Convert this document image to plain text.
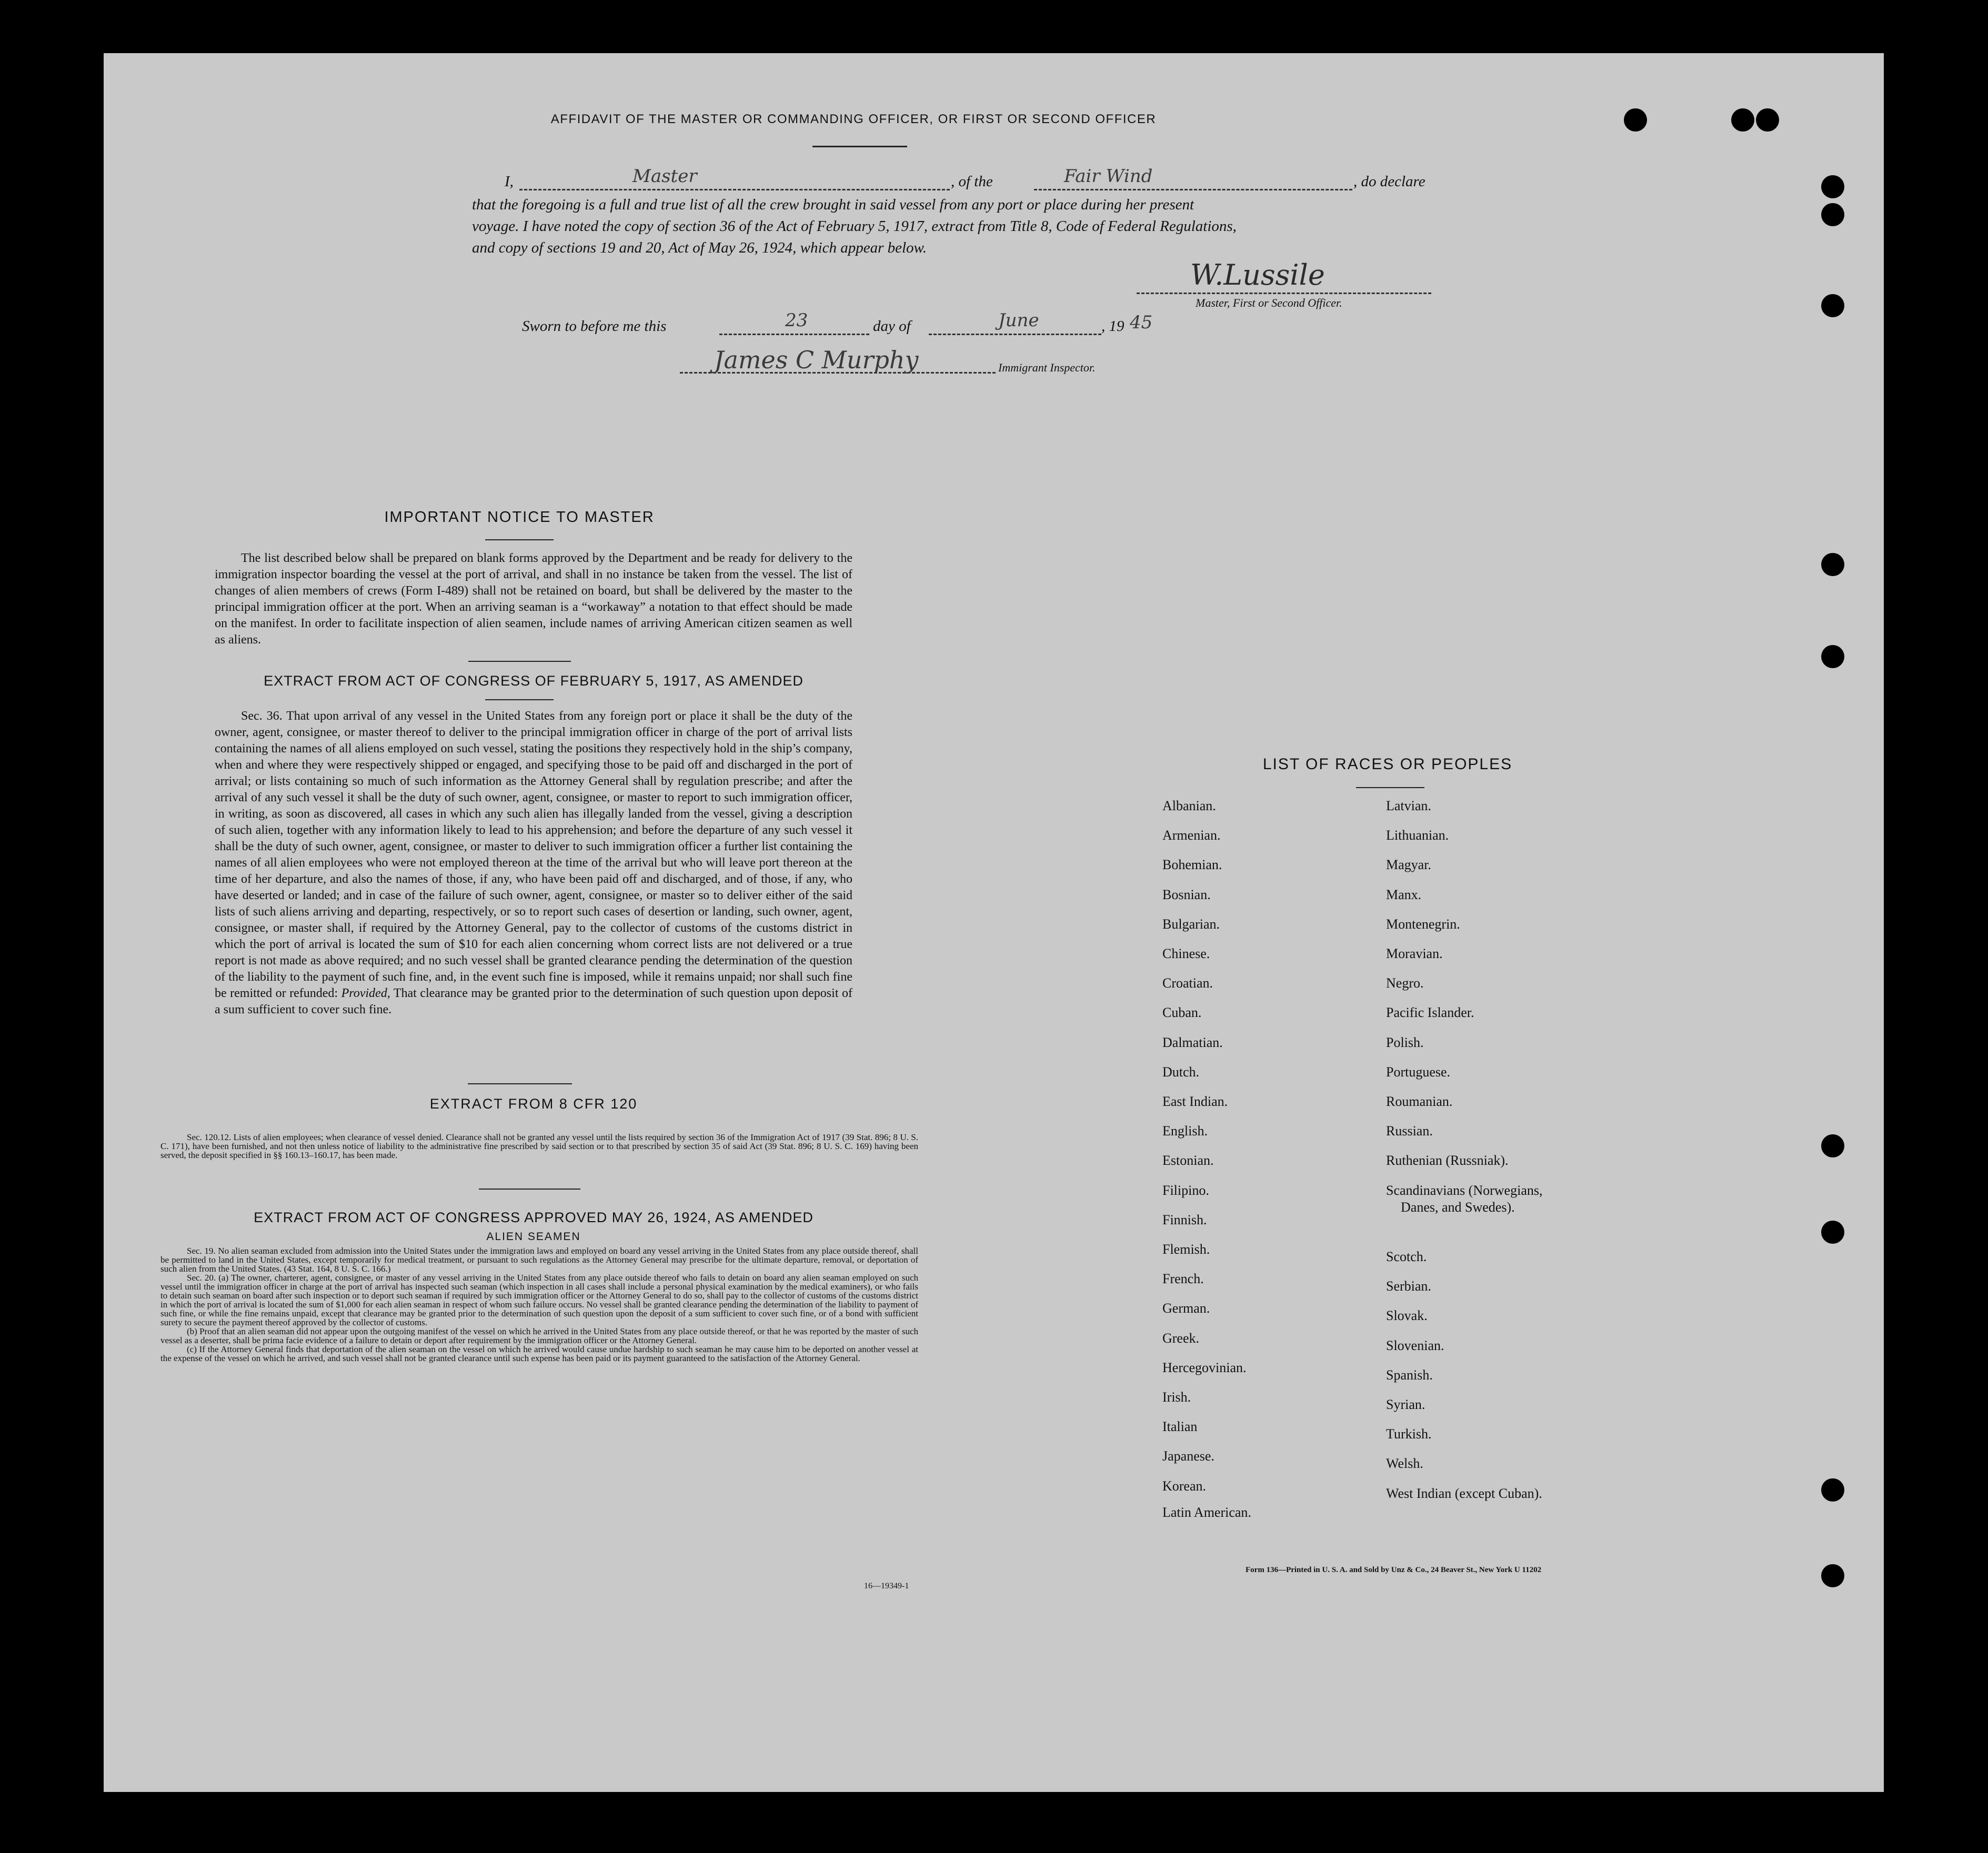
AFFIDAVIT OF THE MASTER OR COMMANDING OFFICER, OR FIRST OR SECOND OFFICER
I,	Master	, of the	Fair Wind	, do declare
that the foregoing is a full and true list of all the crew brought in said vessel from any port or place during her present
voyage. I have noted the copy of section 36 of the Act of February 5, 1917, extract from Title 8, Code of Federal Regulations,
and copy of sections 19 and 20, Act of May 26, 1924, which appear below.
W.Lussile
Master, First or Second Officer.
Sworn to before me this	23	day of	June	, 19 45
James C Murphy	Immigrant Inspector.
IMPORTANT NOTICE TO MASTER
The list described below shall be prepared on blank forms approved by the Department and be ready for delivery to the immigration inspector boarding the vessel at the port of arrival, and shall in no instance be taken from the vessel. The list of changes of alien members of crews (Form I-489) shall not be retained on board, but shall be delivered by the master to the principal immigration officer at the port. When an arriving seaman is a “workaway” a notation to that effect should be made on the manifest. In order to facilitate inspection of alien seamen, include names of arriving American citizen seamen as well as aliens.
EXTRACT FROM ACT OF CONGRESS OF FEBRUARY 5, 1917, AS AMENDED
Sec. 36. That upon arrival of any vessel in the United States from any foreign port or place it shall be the duty of the owner, agent, consignee, or master thereof to deliver to the principal immigration officer in charge of the port of arrival lists containing the names of all aliens employed on such vessel, stating the positions they respectively hold in the ship’s company, when and where they were respectively shipped or engaged, and specifying those to be paid off and discharged in the port of arrival; or lists containing so much of such information as the Attorney General shall by regulation prescribe; and after the arrival of any such vessel it shall be the duty of such owner, agent, consignee, or master to report to such immigration officer, in writing, as soon as discovered, all cases in which any such alien has illegally landed from the vessel, giving a description of such alien, together with any information likely to lead to his apprehension; and before the departure of any such vessel it shall be the duty of such owner, agent, consignee, or master to deliver to such immigration officer a further list containing the names of all alien employees who were not employed thereon at the time of the arrival but who will leave port thereon at the time of her departure, and also the names of those, if any, who have been paid off and discharged, and of those, if any, who have deserted or landed; and in case of the failure of such owner, agent, consignee, or master so to deliver either of the said lists of such aliens arriving and departing, respectively, or so to report such cases of desertion or landing, such owner, agent, consignee, or master shall, if required by the Attorney General, pay to the collector of customs of the customs district in which the port of arrival is located the sum of $10 for each alien concerning whom correct lists are not delivered or a true report is not made as above required; and no such vessel shall be granted clearance pending the determination of the question of the liability to the payment of such fine, and, in the event such fine is imposed, while it remains unpaid; nor shall such fine be remitted or refunded: Provided, That clearance may be granted prior to the determination of such question upon deposit of a sum sufficient to cover such fine.
EXTRACT FROM 8 CFR 120
Sec. 120.12. Lists of alien employees; when clearance of vessel denied. Clearance shall not be granted any vessel until the lists required by section 36 of the Immigration Act of 1917 (39 Stat. 896; 8 U. S. C. 171), have been furnished, and not then unless notice of liability to the administrative fine prescribed by said section or to that prescribed by section 35 of said Act (39 Stat. 896; 8 U. S. C. 169) having been served, the deposit specified in §§ 160.13–160.17, has been made.
EXTRACT FROM ACT OF CONGRESS APPROVED MAY 26, 1924, AS AMENDED
ALIEN SEAMEN
Sec. 19. No alien seaman excluded from admission into the United States under the immigration laws and employed on board any vessel arriving in the United States from any place outside thereof, shall be permitted to land in the United States, except temporarily for medical treatment, or pursuant to such regulations as the Attorney General may prescribe for the ultimate departure, removal, or deportation of such alien from the United States. (43 Stat. 164, 8 U. S. C. 166.)
Sec. 20. (a) The owner, charterer, agent, consignee, or master of any vessel arriving in the United States from any place outside thereof who fails to detain on board any alien seaman employed on such vessel until the immigration officer in charge at the port of arrival has inspected such seaman (which inspection in all cases shall include a personal physical examination by the medical examiners), or who fails to detain such seaman on board after such inspection or to deport such seaman if required by such immigration officer or the Attorney General to do so, shall pay to the collector of customs of the customs district in which the port of arrival is located the sum of $1,000 for each alien seaman in respect of whom such failure occurs. No vessel shall be granted clearance pending the determination of the liability to payment of such fine, or while the fine remains unpaid, except that clearance may be granted prior to the determination of such question upon the deposit of a sum sufficient to cover such fine, or of a bond with sufficient surety to secure the payment thereof approved by the collector of customs.
(b) Proof that an alien seaman did not appear upon the outgoing manifest of the vessel on which he arrived in the United States from any place outside thereof, or that he was reported by the master of such vessel as a deserter, shall be prima facie evidence of a failure to detain or deport after requirement by the immigration officer or the Attorney General.
(c) If the Attorney General finds that deportation of the alien seaman on the vessel on which he arrived would cause undue hardship to such seaman he may cause him to be deported on another vessel at the expense of the vessel on which he arrived, and such vessel shall not be granted clearance until such expense has been paid or its payment guaranteed to the satisfaction of the Attorney General.
16—19349-1
LIST OF RACES OR PEOPLES
Form 136—Printed in U. S. A. and Sold by Unz & Co., 24 Beaver St., New York U 11202
Albanian.
Armenian.
Bohemian.
Bosnian.
Bulgarian.
Chinese.
Croatian.
Cuban.
Dalmatian.
Dutch.
East Indian.
English.
Estonian.
Filipino.
Finnish.
Flemish.
French.
German.
Greek.
Hercegovinian.
Irish.
Italian
Japanese.
Korean.
Latin American.
Latvian.
Lithuanian.
Magyar.
Manx.
Montenegrin.
Moravian.
Negro.
Pacific Islander.
Polish.
Portuguese.
Roumanian.
Russian.
Ruthenian (Russniak).
Scandinavians (Norwegians,
Danes, and Swedes).
Scotch.
Serbian.
Slovak.
Slovenian.
Spanish.
Syrian.
Turkish.
Welsh.
West Indian (except Cuban).
